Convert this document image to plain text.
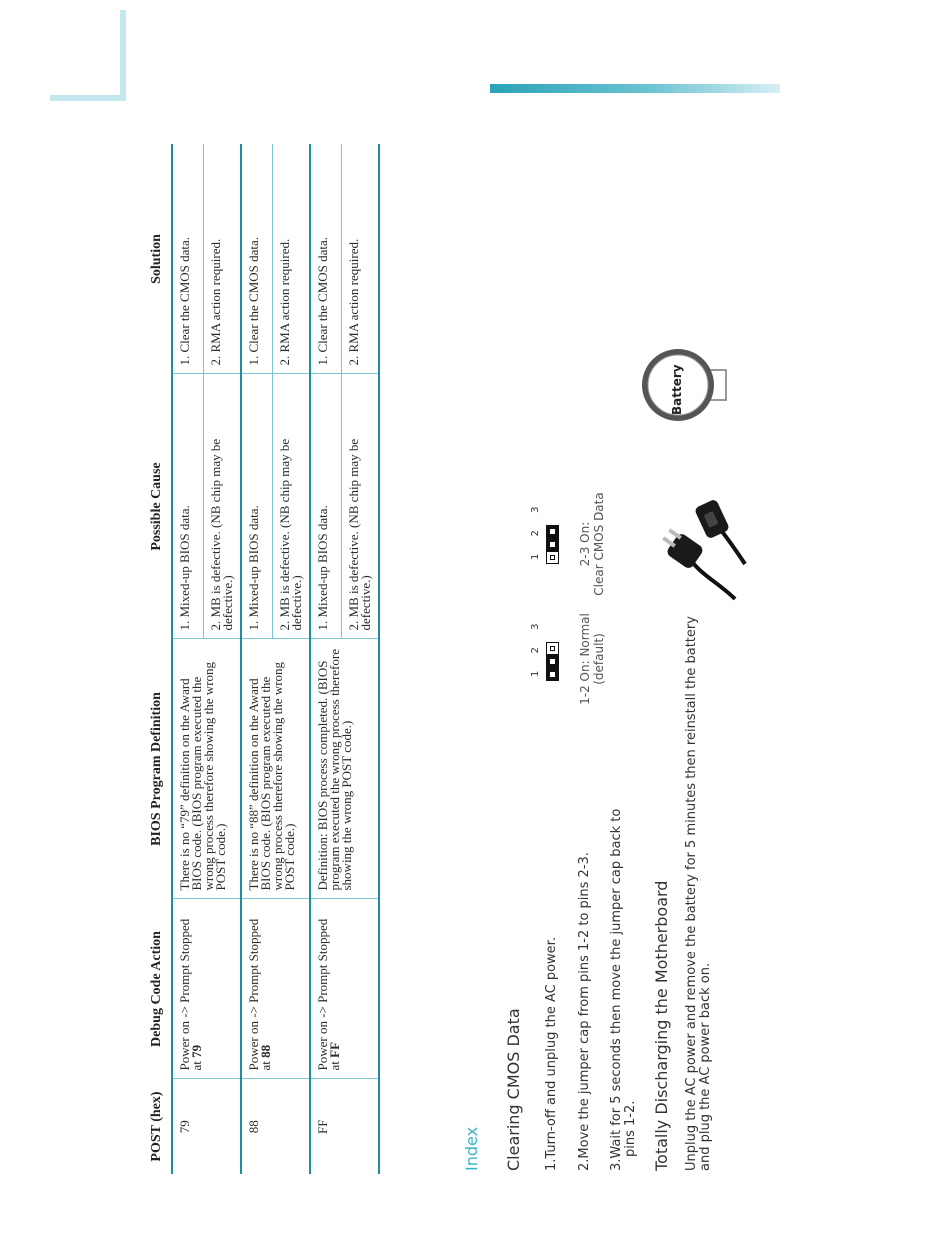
POST (hex)	Debug Code Action	BIOS Program Definition	Possible Cause	Solution
79	Power on -> Prompt Stopped at 79	There is no “79” definition on the Award BIOS code. (BIOS program executed the wrong process therefore showing the wrong POST code.)	1. Mixed-up BIOS data.	1. Clear the CMOS data.
			2. MB is defective. (NB chip may be defective.)	2. RMA action required.
88	Power on -> Prompt Stopped at 88	There is no “88” definition on the Award BIOS code. (BIOS program executed the wrong process therefore showing the wrong POST code.)	1. Mixed-up BIOS data.	1. Clear the CMOS data.
			2. MB is defective. (NB chip may be defective.)	2. RMA action required.
FF	Power on -> Prompt Stopped at FF	Definition: BIOS process completed. (BIOS program executed the wrong process therefore showing the wrong POST code.)	1. Mixed-up BIOS data.	1. Clear the CMOS data.
			2. MB is defective. (NB chip may be defective.)	2. RMA action required.
Index Clearing CMOS Data 1.Turn-off and unplug the AC power. 2.Move the jumper cap from pins 1-2 to pins 2-3. 3.Wait for 5 seconds then move the jumper cap back to pins 1-2.
1 2 3	1-2 On: Normal (default)
1 2 3	2-3 On: Clear CMOS Data
Battery
Totally Discharging the Motherboard Unplug the AC power and remove the battery for 5 minutes then reinstall the battery and plug the AC power back on.
